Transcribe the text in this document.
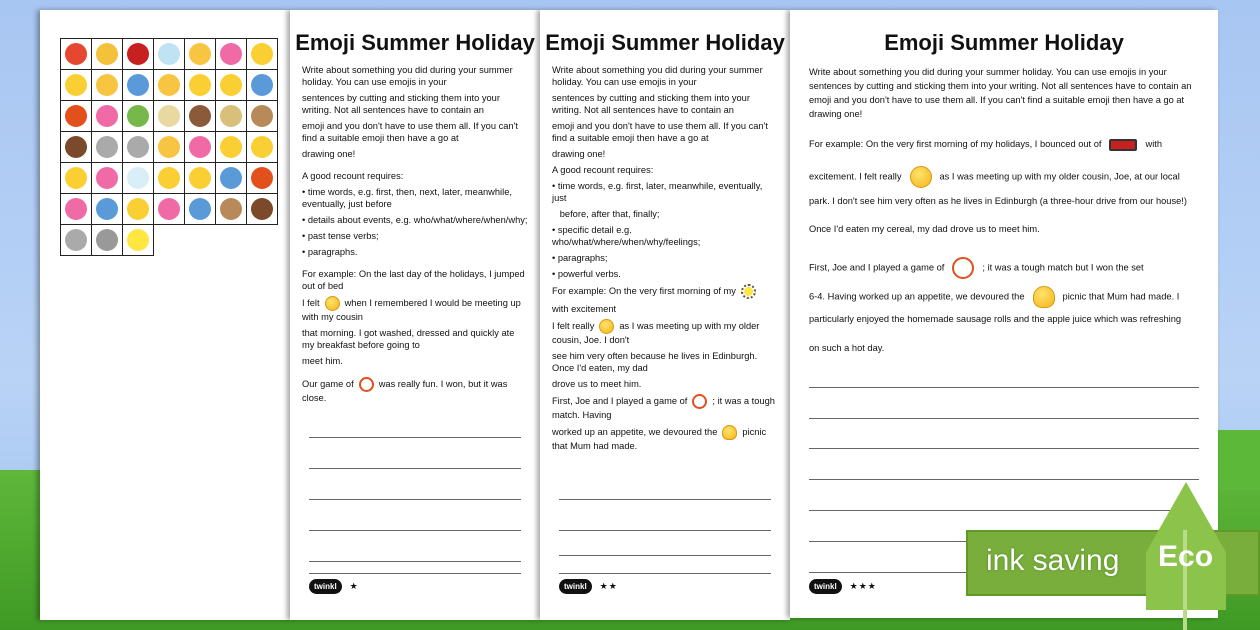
Emoji Summer Holiday
Write about something you did during your summer holiday. You can use emojis in your
sentences by cutting and sticking them into your writing. Not all sentences have to contain an
emoji and you don't have to use them all. If you can't find a suitable emoji then have a go at
drawing one!
A good recount requires:
• time words, e.g. first, then, next, later, meanwhile, eventually, just before
• details about events, e.g. who/what/where/when/why;
• past tense verbs;
• paragraphs.
For example: On the last day of the holidays, I jumped out of bed
I felt	when I remembered I would be meeting up with my cousin
that morning. I got washed, dressed and quickly ate my breakfast before going to
meet him.
Our game of	was really fun. I won, but it was close.
twinkl	★
Emoji Summer Holiday
Write about something you did during your summer holiday. You can use emojis in your
sentences by cutting and sticking them into your writing. Not all sentences have to contain an
emoji and you don't have to use them all. If you can't find a suitable emoji then have a go at
drawing one!
A good recount requires:
• time words, e.g. first, later, meanwhile, eventually, just
before, after that, finally;
• specific detail e.g. who/what/where/when/why/feelings;
• paragraphs;
• powerful verbs.
For example: On the very first morning of my
with excitement
I felt really	as I was meeting up with my older cousin, Joe. I don't
see him very often because he lives in Edinburgh. Once I'd eaten, my dad
drove us to meet him.
First, Joe and I played a game of	; it was a tough match. Having
worked up an appetite, we devoured the	picnic that Mum had made.
twinkl	★★
Emoji Summer Holiday
Write about something you did during your summer holiday. You can use emojis in your
sentences by cutting and sticking them into your writing. Not all sentences have to contain an
emoji and you don't have to use them all. If you can't find a suitable emoji then have a go at
drawing one!
For example: On the very first morning of my holidays, I bounced out of	with
excitement. I felt really	as I was meeting up with my older cousin, Joe, at our local
park. I don't see him very often as he lives in Edinburgh (a three-hour drive from our house!)
Once I'd eaten my cereal, my dad drove us to meet him.
First, Joe and I played a game of	; it was a tough match but I won the set
6-4. Having worked up an appetite, we devoured the	picnic that Mum had made. I
particularly enjoyed the homemade sausage rolls and the apple juice which was refreshing
on such a hot day.
twinkl	★★★
ink saving Eco
